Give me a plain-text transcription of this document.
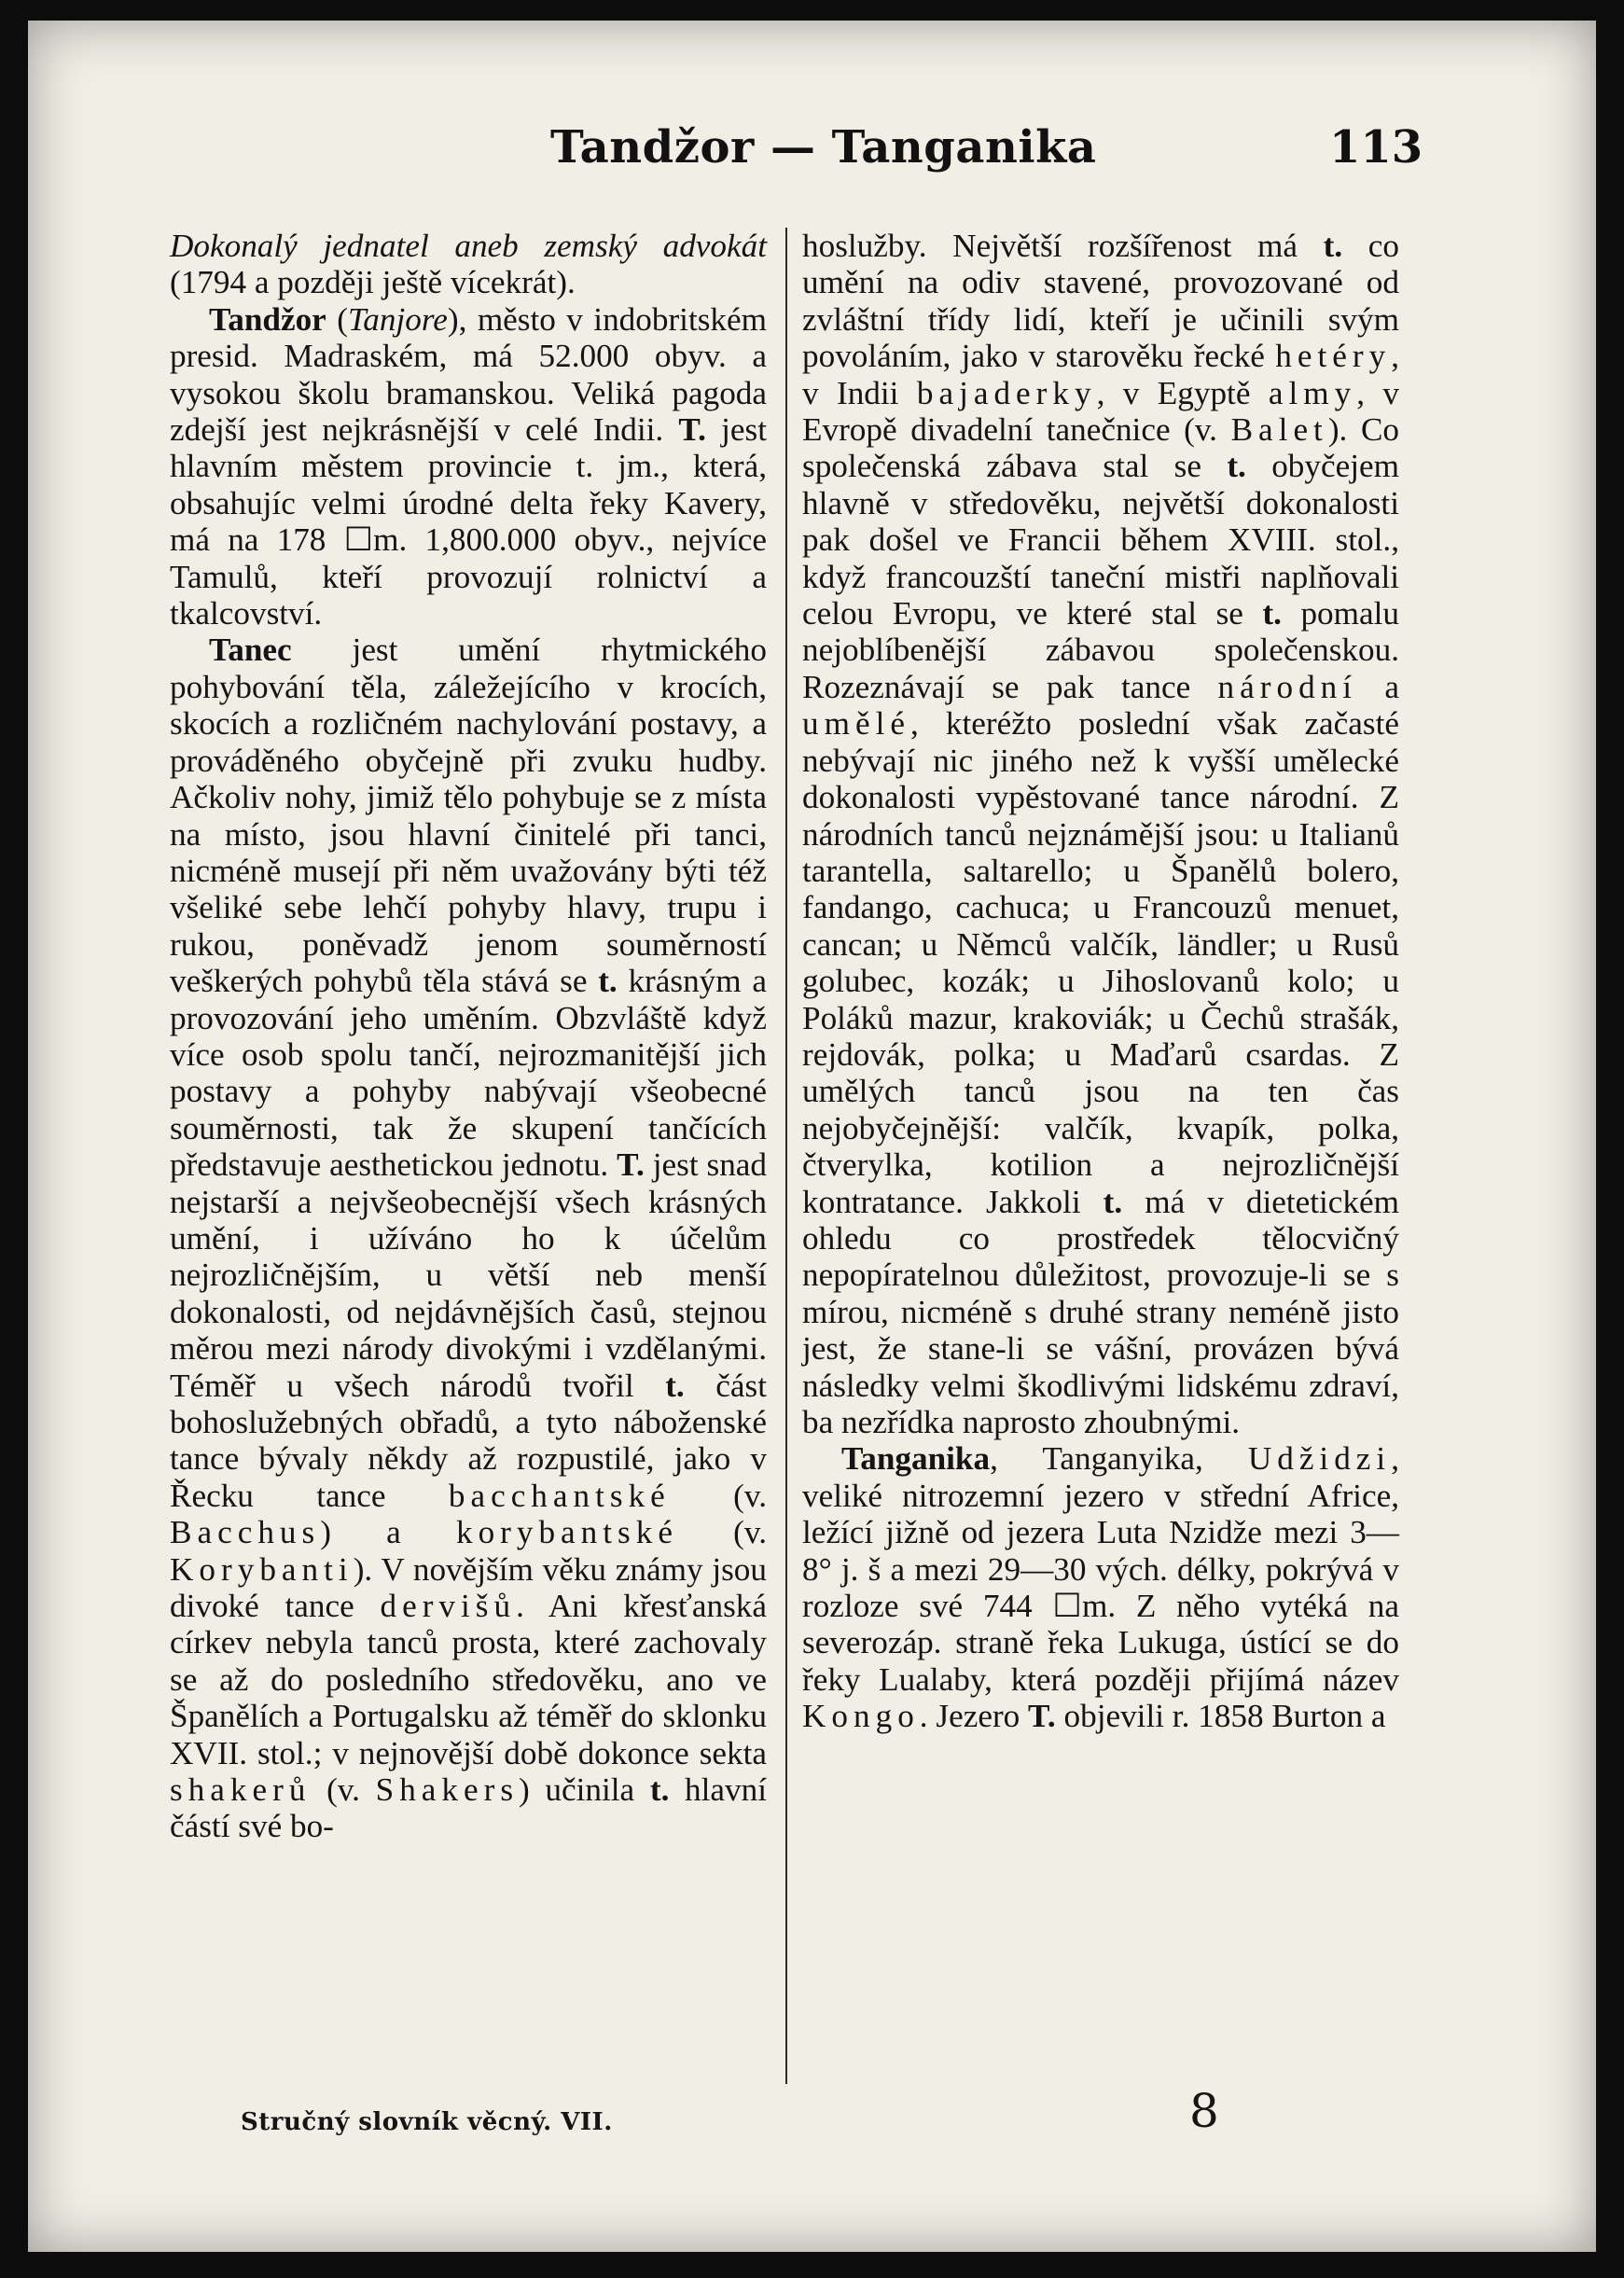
Tandžor — Tanganika	113

Dokonalý jednatel aneb zemský advokát (1794 a později ještě vícekrát).

Tandžor (Tanjore), město v indobritském presid. Madraském, má 52.000 obyv. a vysokou školu bramanskou. Veliká pagoda zdejší jest nejkrásnější v celé Indii. T. jest hlavním městem provincie t. jm., která, obsahujíc velmi úrodné delta řeky Kavery, má na 178 ☐m. 1,800.000 obyv., nejvíce Tamulů, kteří provozují rolnictví a tkalcovství.

Tanec jest umění rhytmického pohybování těla, záležejícího v krocích, skocích a rozličném nachylování postavy, a prováděného obyčejně při zvuku hudby. Ačkoliv nohy, jimiž tělo pohybuje se z místa na místo, jsou hlavní činitelé při tanci, nicméně musejí při něm uvažovány býti též všeliké sebe lehčí pohyby hlavy, trupu i rukou, poněvadž jenom souměrností veškerých pohybů těla stává se t. krásným a provozování jeho uměním. Obzvláště když více osob spolu tančí, nejrozmanitější jich postavy a pohyby nabývají všeobecné souměrnosti, tak že skupení tančících představuje aesthetickou jednotu. T. jest snad nejstarší a nejvšeobecnější všech krásných umění, i užíváno ho k účelům nejrozličnějším, u větší neb menší dokonalosti, od nejdávnějších časů, stejnou měrou mezi národy divokými i vzdělanými. Téměř u všech národů tvořil t. část bohoslužebných obřadů, a tyto náboženské tance bývaly někdy až rozpustilé, jako v Řecku tance bacchantské (v. Bacchus) a korybantské (v. Korybanti). V novějším věku známy jsou divoké tance dervišů. Ani křesťanská církev nebyla tanců prosta, které zachovaly se až do posledního středověku, ano ve Španělích a Portugalsku až téměř do sklonku XVII. stol.; v nejnovější době dokonce sekta shakerů (v. Shakers) učinila t. hlavní částí své bo-

hoslužby. Největší rozšířenost má t. co umění na odiv stavené, provozované od zvláštní třídy lidí, kteří je učinili svým povoláním, jako v starověku řecké hetéry, v Indii bajaderky, v Egyptě almy, v Evropě divadelní tanečnice (v. Balet). Co společenská zábava stal se t. obyčejem hlavně v středověku, největší dokonalosti pak došel ve Francii během XVIII. stol., když francouzští taneční mistři naplňovali celou Evropu, ve které stal se t. pomalu nejoblíbenější zábavou společenskou. Rozeznávají se pak tance národní a umělé, kteréžto poslední však začasté nebývají nic jiného než k vyšší umělecké dokonalosti vypěstované tance národní. Z národních tanců nejznámější jsou: u Italianů tarantella, saltarello; u Španělů bolero, fandango, cachuca; u Francouzů menuet, cancan; u Němců valčík, ländler; u Rusů golubec, kozák; u Jihoslovanů kolo; u Poláků mazur, krakoviák; u Čechů strašák, rejdovák, polka; u Maďarů csardas. Z umělých tanců jsou na ten čas nejobyčejnější: valčík, kvapík, polka, čtverylka, kotilion a nejrozličnější kontratance. Jakkoli t. má v dietetickém ohledu co prostředek tělocvičný nepopíratelnou důležitost, provozuje-li se s mírou, nicméně s druhé strany neméně jisto jest, že stane-li se vášní, provázen bývá následky velmi škodlivými lidskému zdraví, ba nezřídka naprosto zhoubnými.

Tanganika, Tanganyika, Udžidzi, veliké nitrozemní jezero v střední Africe, ležící jižně od jezera Luta Nzidže mezi 3—8° j. š a mezi 29—30 vých. délky, pokrývá v rozloze své 744 ☐m. Z něho vytéká na severozáp. straně řeka Lukuga, ústící se do řeky Lualaby, která později přijímá název Kongo. Jezero T. objevili r. 1858 Burton a

Stručný slovník věcný. VII.	8
